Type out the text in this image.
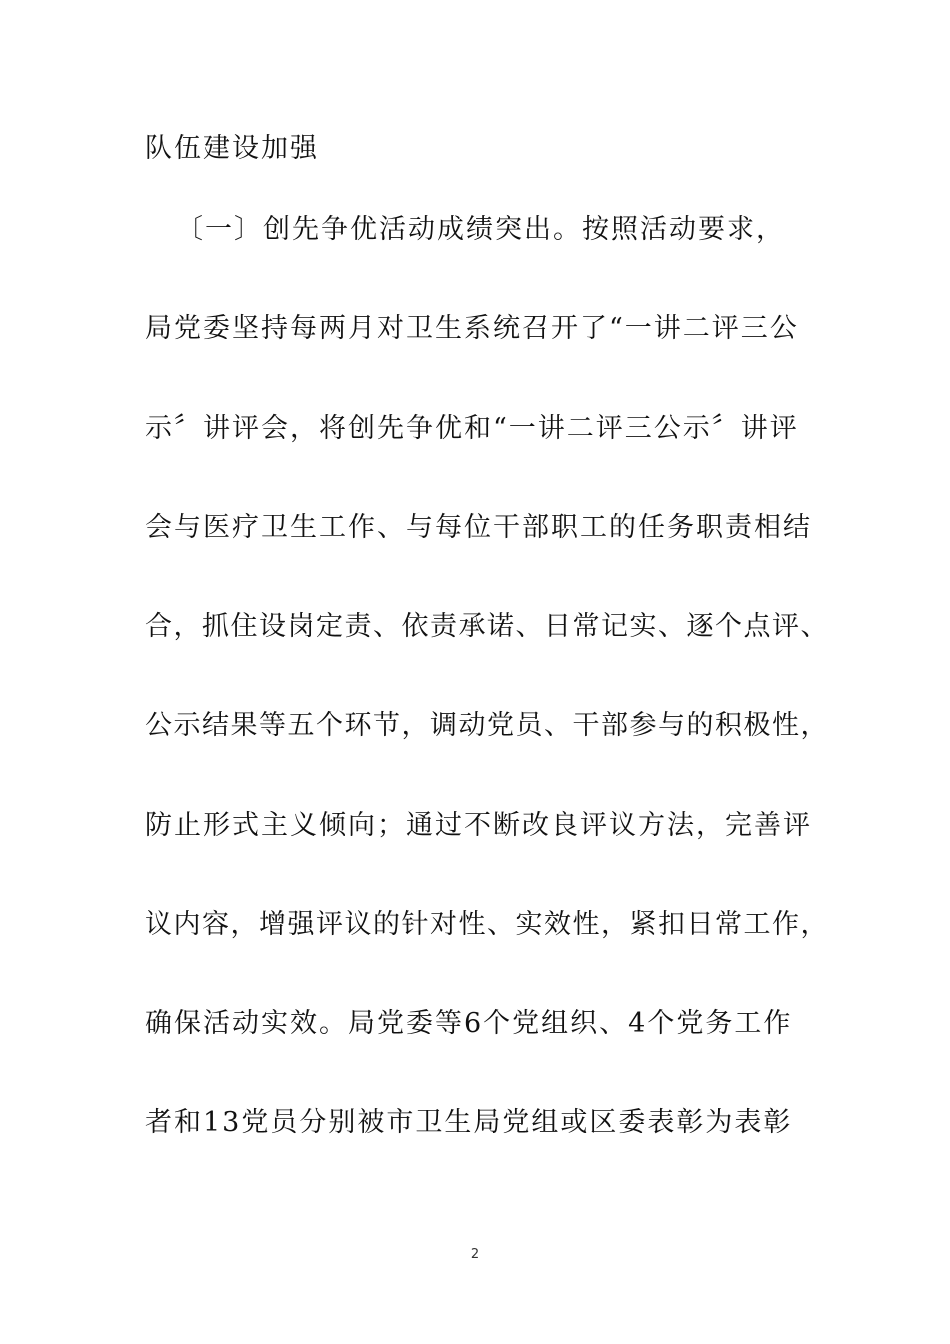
队伍建设加强
〔一〕创先争优活动成绩突出。按照活动要求，
局党委坚持每两月对卫生系统召开了“一讲二评三公
示〞讲评会，将创先争优和“一讲二评三公示〞讲评
会与医疗卫生工作、与每位干部职工的任务职责相结
合，抓住设岗定责、依责承诺、日常记实、逐个点评、
公示结果等五个环节，调动党员、干部参与的积极性，
防止形式主义倾向；通过不断改良评议方法，完善评
议内容，增强评议的针对性、实效性，紧扣日常工作，
确保活动实效。局党委等6个党组织、4个党务工作
者和13党员分别被市卫生局党组或区委表彰为表彰
2
